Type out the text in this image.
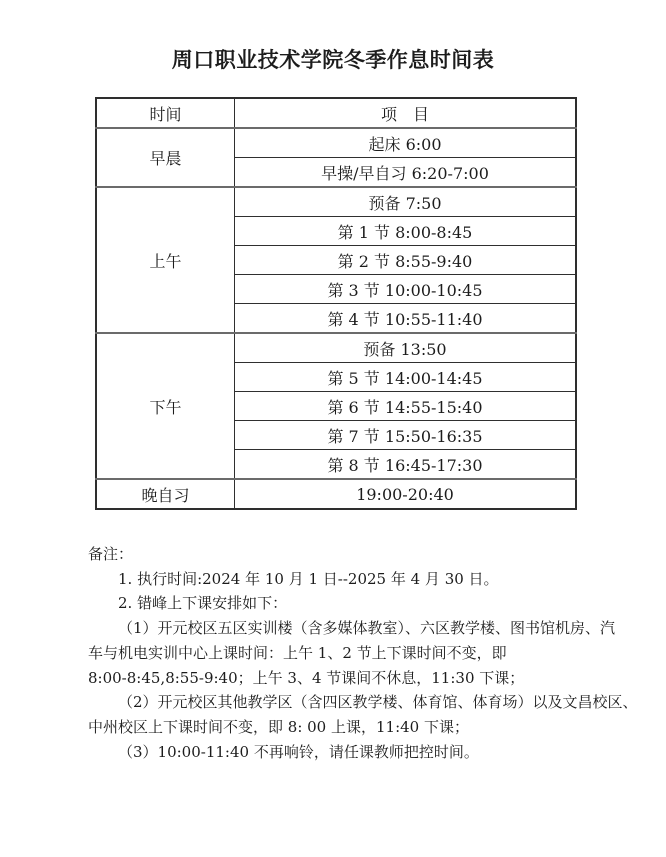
周口职业技术学院冬季作息时间表
时间	项　目
早晨	起床 6:00
	早操/早自习 6:20-7:00
上午	预备 7:50
	第 1 节 8:00-8:45
	第 2 节 8:55-9:40
	第 3 节 10:00-10:45
	第 4 节 10:55-11:40
下午	预备 13:50
	第 5 节 14:00-14:45
	第 6 节 14:55-15:40
	第 7 节 15:50-16:35
	第 8 节 16:45-17:30
晚自习	19:00-20:40
备注：
1. 执行时间:2024 年 10 月 1 日--2025 年 4 月 30 日。
2. 错峰上下课安排如下：
（1）开元校区五区实训楼（含多媒体教室）、六区教学楼、图书馆机房、汽
车与机电实训中心上课时间：上午 1、2 节上下课时间不变，即
8:00-8:45,8:55-9:40；上午 3、4 节课间不休息，11:30 下课；
（2）开元校区其他教学区（含四区教学楼、体育馆、体育场）以及文昌校区、
中州校区上下课时间不变，即 8: 00 上课，11:40 下课；
（3）10:00-11:40 不再响铃，请任课教师把控时间。
